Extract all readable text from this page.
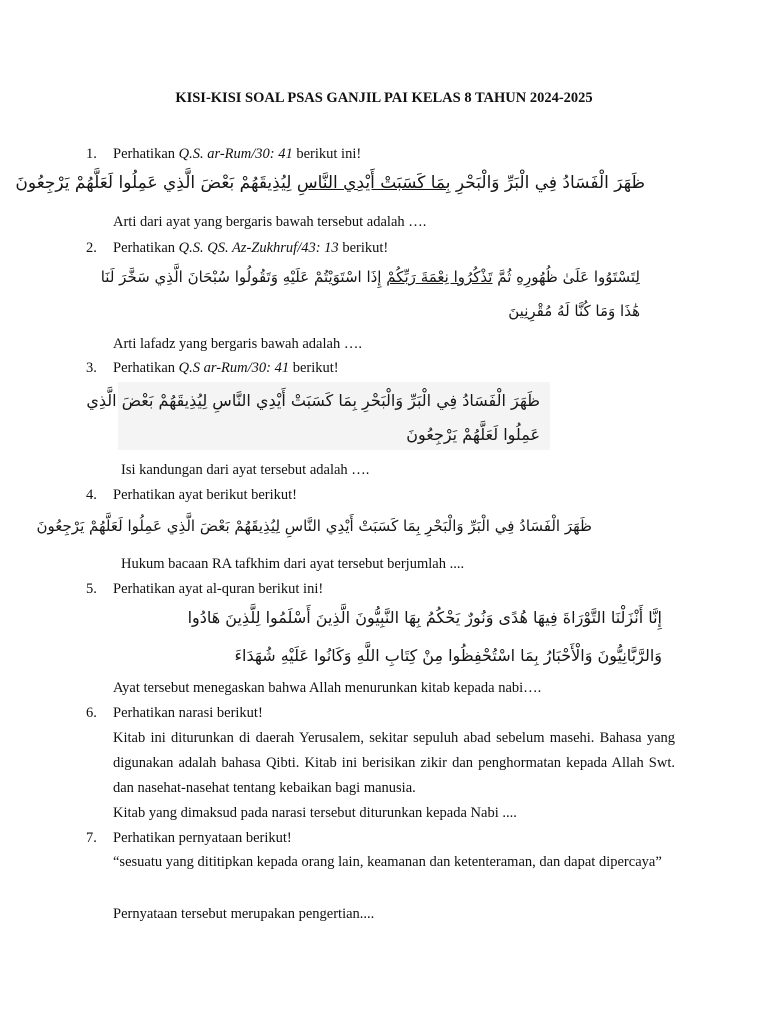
KISI-KISI SOAL PSAS GANJIL PAI KELAS 8 TAHUN 2024-2025
1. Perhatikan Q.S. ar-Rum/30: 41 berikut ini!
ظَهَرَ الْفَسَادُ فِي الْبَرِّ وَالْبَحْرِ بِمَا كَسَبَتْ أَيْدِي النَّاسِ لِيُذِيقَهُمْ بَعْضَ الَّذِي عَمِلُوا لَعَلَّهُمْ يَرْجِعُونَ
Arti dari ayat yang bergaris bawah tersebut adalah ….
2. Perhatikan Q.S. QS. Az-Zukhruf/43: 13 berikut!
لِتَسْتَوُوا عَلَىٰ ظُهُورِهِ ثُمَّ تَذْكُرُوا نِعْمَةَ رَبِّكُمْ إِذَا اسْتَوَيْتُمْ عَلَيْهِ وَتَقُولُوا سُبْحَانَ الَّذِي سَخَّرَ لَنَا
هَٰذَا وَمَا كُنَّا لَهُ مُقْرِنِينَ
Arti lafadz yang bergaris bawah adalah ….
3. Perhatikan Q.S ar-Rum/30: 41 berikut!
ظَهَرَ الْفَسَادُ فِي الْبَرِّ وَالْبَحْرِ بِمَا كَسَبَتْ أَيْدِي النَّاسِ لِيُذِيقَهُمْ بَعْضَ الَّذِي
عَمِلُوا لَعَلَّهُمْ يَرْجِعُونَ
Isi kandungan dari ayat tersebut adalah ….
4. Perhatikan ayat berikut berikut!
ظَهَرَ الْفَسَادُ فِي الْبَرِّ وَالْبَحْرِ بِمَا كَسَبَتْ أَيْدِي النَّاسِ لِيُذِيقَهُمْ بَعْضَ الَّذِي عَمِلُوا لَعَلَّهُمْ يَرْجِعُونَ
Hukum bacaan RA tafkhim dari ayat tersebut berjumlah ....
5. Perhatikan ayat al-quran berikut ini!
إِنَّا أَنْزَلْنَا التَّوْرَاةَ فِيهَا هُدًى وَنُورٌ يَحْكُمُ بِهَا النَّبِيُّونَ الَّذِينَ أَسْلَمُوا لِلَّذِينَ هَادُوا
وَالرَّبَّانِيُّونَ وَالْأَحْبَارُ بِمَا اسْتُحْفِظُوا مِنْ كِتَابِ اللَّهِ وَكَانُوا عَلَيْهِ شُهَدَاءَ
Ayat tersebut menegaskan bahwa Allah menurunkan kitab kepada nabi….
6. Perhatikan narasi berikut!
Kitab ini diturunkan di daerah Yerusalem, sekitar sepuluh abad sebelum masehi. Bahasa yang digunakan adalah bahasa Qibti. Kitab ini berisikan zikir dan penghormatan kepada Allah Swt. dan nasehat-nasehat tentang kebaikan bagi manusia.
Kitab yang dimaksud pada narasi tersebut diturunkan kepada Nabi ....
7. Perhatikan pernyataan berikut!
“sesuatu yang dititipkan kepada orang lain, keamanan dan ketenteraman, dan dapat dipercaya”
Pernyataan tersebut merupakan pengertian....
